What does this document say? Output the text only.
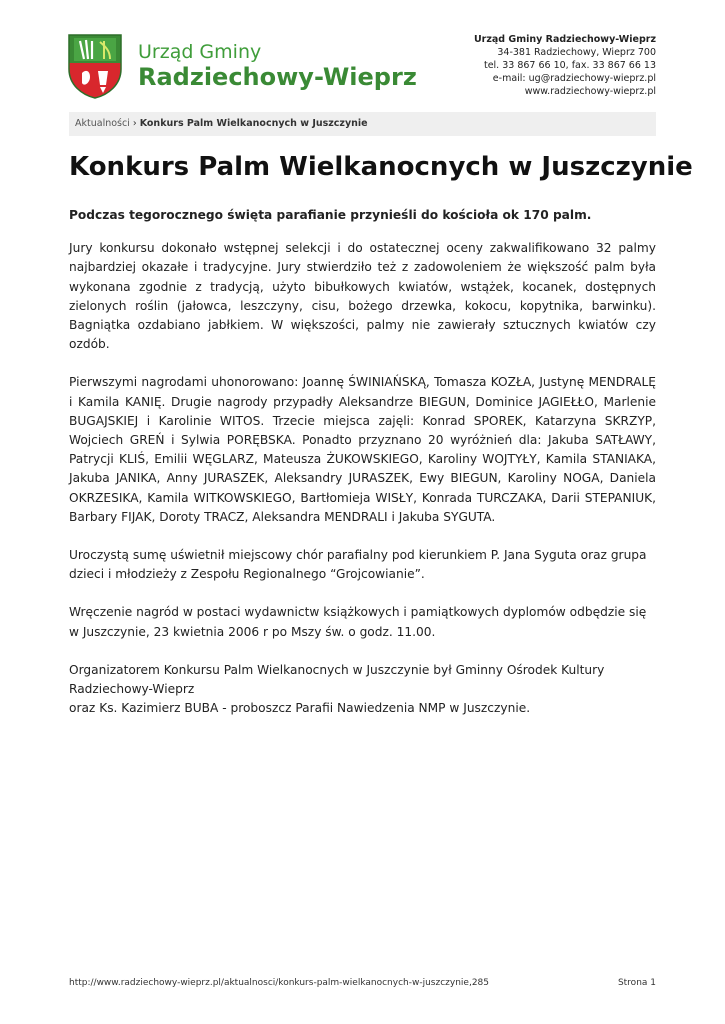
Urząd Gminy
Radziechowy-Wieprz
Urząd Gminy Radziechowy-Wieprz
34-381 Radziechowy, Wieprz 700
tel. 33 867 66 10, fax. 33 867 66 13
e-mail: ug@radziechowy-wieprz.pl
www.radziechowy-wieprz.pl
Aktualności › Konkurs Palm Wielkanocnych w Juszczynie
Konkurs Palm Wielkanocnych w Juszczynie

Podczas tegorocznego święta parafianie przynieśli do kościoła ok 170 palm.

Jury konkursu dokonało wstępnej selekcji i do ostatecznej oceny zakwalifikowano 32 palmy najbardziej okazałe i tradycyjne. Jury stwierdziło też z zadowoleniem że większość palm była wykonana zgodnie z tradycją, użyto bibułkowych kwiatów, wstążek, kocanek, dostępnych zielonych roślin (jałowca, leszczyny, cisu, bożego drzewka, kokocu, kopytnika, barwinku). Bagniątka ozdabiano jabłkiem. W większości, palmy nie zawierały sztucznych kwiatów czy ozdób.

Pierwszymi nagrodami uhonorowano: Joannę ŚWINIAŃSKĄ, Tomasza KOZŁA, Justynę MENDRALĘ i Kamila KANIĘ. Drugie nagrody przypadły Aleksandrze BIEGUN, Dominice JAGIEŁŁO, Marlenie BUGAJSKIEJ i Karolinie WITOS. Trzecie miejsca zajęli: Konrad SPOREK, Katarzyna SKRZYP, Wojciech GREŃ i Sylwia PORĘBSKA. Ponadto przyznano 20 wyróżnień dla: Jakuba SATŁAWY, Patrycji KLIŚ, Emilii WĘGLARZ, Mateusza ŻUKOWSKIEGO, Karoliny WOJTYŁY, Kamila STANIAKA, Jakuba JANIKA, Anny JURASZEK, Aleksandry JURASZEK, Ewy BIEGUN, Karoliny NOGA, Daniela OKRZESIKA, Kamila WITKOWSKIEGO, Bartłomieja WISŁY, Konrada TURCZAKA, Darii STEPANIUK, Barbary FIJAK, Doroty TRACZ, Aleksandra MENDRALI i Jakuba SYGUTA.

Uroczystą sumę uświetnił miejscowy chór parafialny pod kierunkiem P. Jana Syguta oraz grupa dzieci i młodzieży z Zespołu Regionalnego “Grojcowianie”.

Wręczenie nagród w postaci wydawnictw książkowych i pamiątkowych dyplomów odbędzie się w Juszczynie, 23 kwietnia 2006 r po Mszy św. o godz. 11.00.

Organizatorem Konkursu Palm Wielkanocnych w Juszczynie był Gminny Ośrodek Kultury Radziechowy-Wieprz
oraz Ks. Kazimierz BUBA - proboszcz Parafii Nawiedzenia NMP w Juszczynie.

http://www.radziechowy-wieprz.pl/aktualnosci/konkurs-palm-wielkanocnych-w-juszczynie,285	Strona 1
